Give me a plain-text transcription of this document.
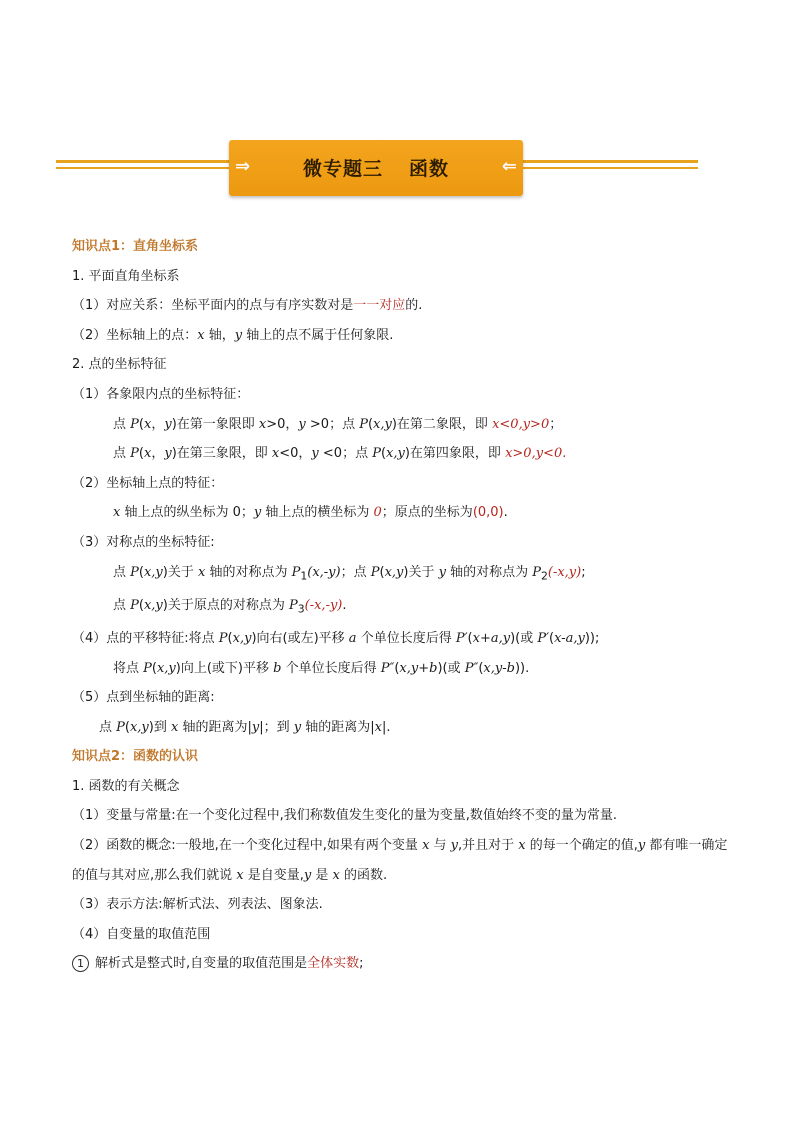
⇒	微专题三 函数	⇐
知识点1：直角坐标系
1. 平面直角坐标系
（1）对应关系：坐标平面内的点与有序实数对是一一对应的.
（2）坐标轴上的点：x 轴，y 轴上的点不属于任何象限.
2. 点的坐标特征
（1）各象限内点的坐标特征：
点 P(x，y)在第一象限即 x>0，y >0；点 P(x,y)在第二象限，即 x<0,y>0；
点 P(x，y)在第三象限，即 x<0，y <0；点 P(x,y)在第四象限，即 x>0,y<0.
（2）坐标轴上点的特征：
x 轴上点的纵坐标为 0；y 轴上点的横坐标为 0；原点的坐标为(0,0).
（3）对称点的坐标特征:
点 P(x,y)关于 x 轴的对称点为 $P_1(x,-y)$；点 P(x,y)关于 y 轴的对称点为 $P_2(-x,y)$;
点 P(x,y)关于原点的对称点为 $P_3(-x,-y)$.
（4）点的平移特征:将点 P(x,y)向右(或左)平移 a 个单位长度后得 P′(x+a,y)(或 P′(x-a,y));
将点 P(x,y)向上(或下)平移 b 个单位长度后得 P″(x,y+b)(或 P″(x,y-b)).
（5）点到坐标轴的距离:
点 P(x,y)到 x 轴的距离为|y|；到 y 轴的距离为|x|.
知识点2：函数的认识
1. 函数的有关概念
（1）变量与常量:在一个变化过程中,我们称数值发生变化的量为变量,数值始终不变的量为常量.
（2）函数的概念:一般地,在一个变化过程中,如果有两个变量 x 与 y,并且对于 x 的每一个确定的值,y 都有唯一确定的值与其对应,那么我们就说 x 是自变量,y 是 x 的函数.
（3）表示方法:解析式法、列表法、图象法.
（4）自变量的取值范围
1 解析式是整式时,自变量的取值范围是全体实数;
